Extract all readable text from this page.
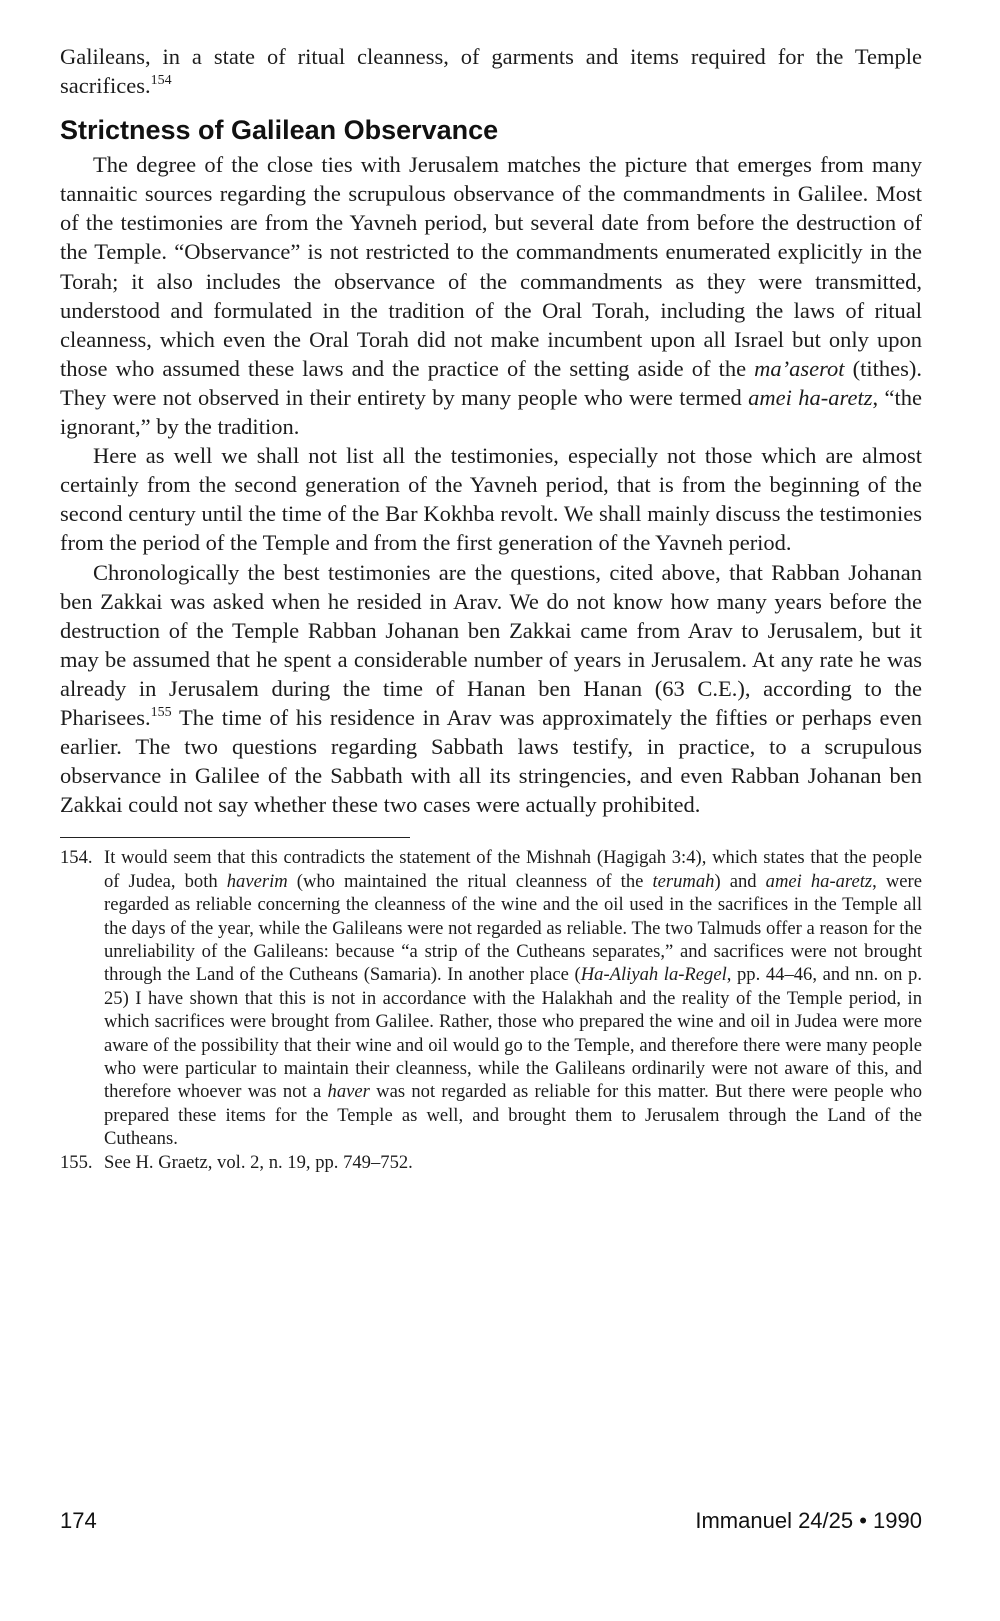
Galileans, in a state of ritual cleanness, of garments and items required for the Temple sacrifices.$^{154}$

Strictness of Galilean Observance

The degree of the close ties with Jerusalem matches the picture that emerges from many tannaitic sources regarding the scrupulous observance of the commandments in Galilee. Most of the testimonies are from the Yavneh period, but several date from before the destruction of the Temple. “Observance” is not restricted to the commandments enumerated explicitly in the Torah; it also includes the observance of the commandments as they were transmitted, understood and formulated in the tradition of the Oral Torah, including the laws of ritual cleanness, which even the Oral Torah did not make incumbent upon all Israel but only upon those who assumed these laws and the practice of the setting aside of the ma’aserot (tithes). They were not observed in their entirety by many people who were termed amei ha-aretz, “the ignorant,” by the tradition.

Here as well we shall not list all the testimonies, especially not those which are almost certainly from the second generation of the Yavneh period, that is from the beginning of the second century until the time of the Bar Kokhba revolt. We shall mainly discuss the testimonies from the period of the Temple and from the first generation of the Yavneh period.

Chronologically the best testimonies are the questions, cited above, that Rabban Johanan ben Zakkai was asked when he resided in Arav. We do not know how many years before the destruction of the Temple Rabban Johanan ben Zakkai came from Arav to Jerusalem, but it may be assumed that he spent a considerable number of years in Jerusalem. At any rate he was already in Jerusalem during the time of Hanan ben Hanan (63 C.E.), according to the Pharisees.$^{155}$ The time of his residence in Arav was approximately the fifties or perhaps even earlier. The two questions regarding Sabbath laws testify, in practice, to a scrupulous observance in Galilee of the Sabbath with all its stringencies, and even Rabban Johanan ben Zakkai could not say whether these two cases were actually prohibited.

154. It would seem that this contradicts the statement of the Mishnah (Hagigah 3:4), which states that the people of Judea, both haverim (who maintained the ritual cleanness of the terumah) and amei ha-aretz, were regarded as reliable concerning the cleanness of the wine and the oil used in the sacrifices in the Temple all the days of the year, while the Galileans were not regarded as reliable. The two Talmuds offer a reason for the unreliability of the Galileans: because “a strip of the Cutheans separates,” and sacrifices were not brought through the Land of the Cutheans (Samaria). In another place (Ha-Aliyah la-Regel, pp. 44–46, and nn. on p. 25) I have shown that this is not in accordance with the Halakhah and the reality of the Temple period, in which sacrifices were brought from Galilee. Rather, those who prepared the wine and oil in Judea were more aware of the possibility that their wine and oil would go to the Temple, and therefore there were many people who were particular to maintain their cleanness, while the Galileans ordinarily were not aware of this, and therefore whoever was not a haver was not regarded as reliable for this matter. But there were people who prepared these items for the Temple as well, and brought them to Jerusalem through the Land of the Cutheans.

155. See H. Graetz, vol. 2, n. 19, pp. 749–752.

174	Immanuel 24/25 • 1990
